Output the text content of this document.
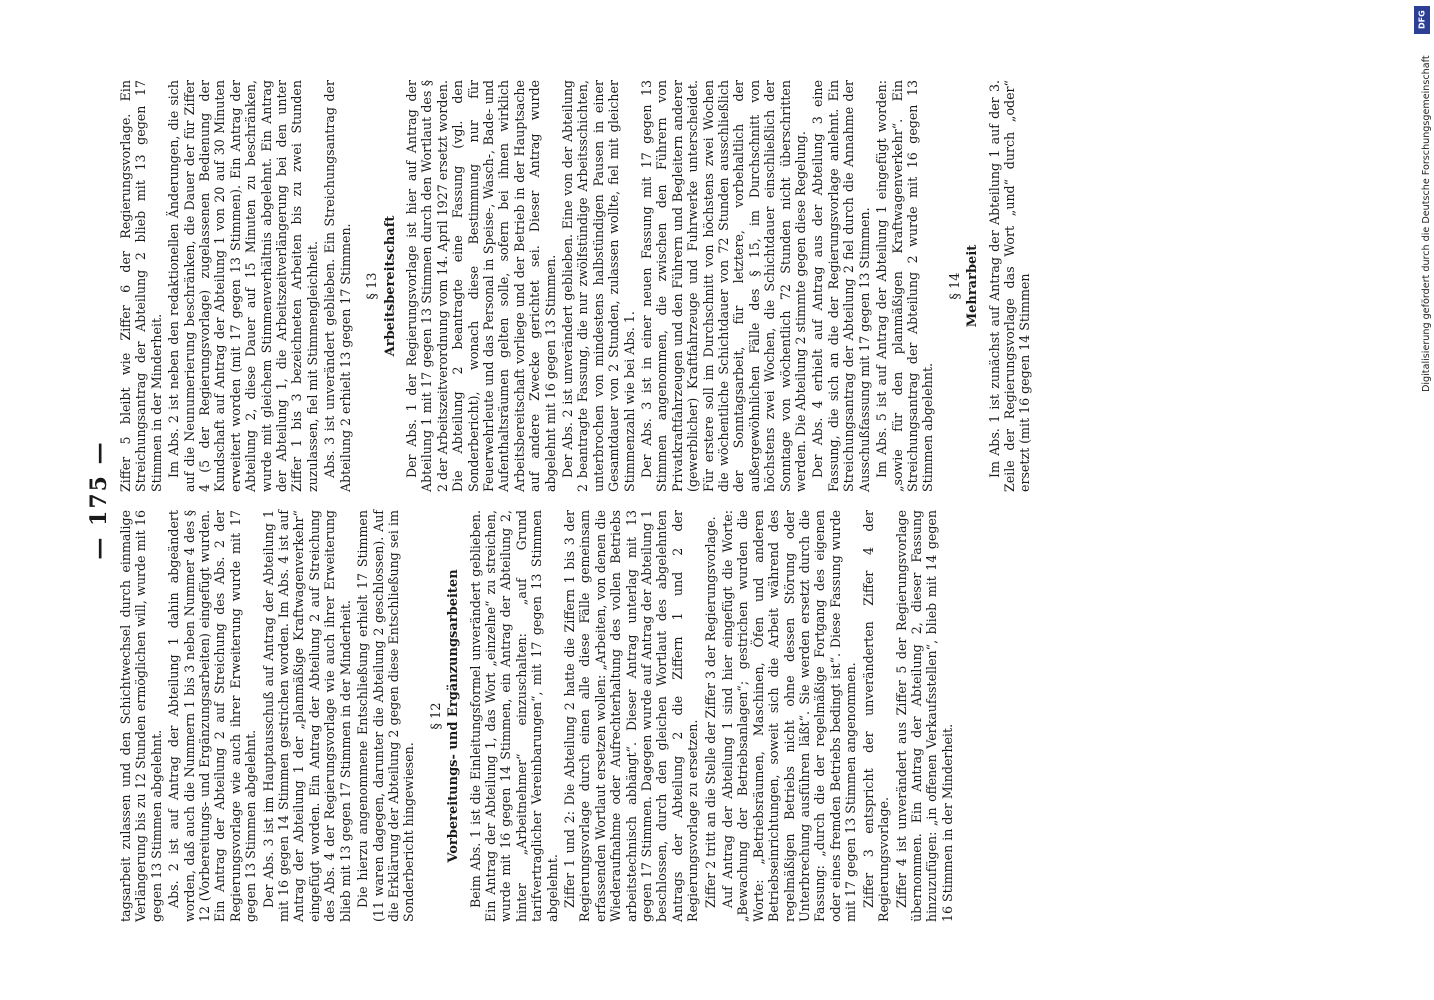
— 175 —

tagsarbeit zulassen und den Schichtwechsel durch einmalige Verlängerung bis zu 12 Stunden ermöglichen will, wurde mit 16 gegen 13 Stimmen abgelehnt. Abs. 2 ist auf Antrag der Abteilung 1 dahin abgeändert worden, daß auch die Nummern 1 bis 3 neben Nummer 4 des § 12 (Vorbereitungs- und Ergänzungsarbeiten) eingefügt wurden. Ein Antrag der Abteilung 2 auf Streichung des Abs. 2 der Regierungsvorlage wie auch ihrer Erweiterung wurde mit 17 gegen 13 Stimmen abgelehnt. Der Abs. 3 ist im Hauptausschuß auf Antrag der Abteilung 1 mit 16 gegen 14 Stimmen gestrichen worden. Im Abs. 4 ist auf Antrag der Abteilung 1 der „planmäßige Kraftwagenverkehr“ eingefügt worden. Ein Antrag der Abteilung 2 auf Streichung des Abs. 4 der Regierungsvorlage wie auch ihrer Erweiterung blieb mit 13 gegen 17 Stimmen in der Minderheit. Die hierzu angenommene Entschließung erhielt 17 Stimmen (11 waren dagegen, darunter die Abteilung 2 geschlossen). Auf die Erklärung der Abteilung 2 gegen diese Entschließung sei im Sonderbericht hingewiesen.

§ 12 Vorbereitungs- und Ergänzungsarbeiten Beim Abs. 1 ist die Einleitungsformel unverändert geblieben. Ein Antrag der Abteilung 1, das Wort „einzelne“ zu streichen, wurde mit 16 gegen 14 Stimmen, ein Antrag der Abteilung 2, hinter „Arbeitnehmer“ einzuschalten: „auf Grund tarifvertraglicher Vereinbarungen“, mit 17 gegen 13 Stimmen abgelehnt. Ziffer 1 und 2: Die Abteilung 2 hatte die Ziffern 1 bis 3 der Regierungsvorlage durch einen alle diese Fälle gemeinsam erfassenden Wortlaut ersetzen wollen: „Arbeiten, von denen die Wiederaufnahme oder Aufrechterhaltung des vollen Betriebs arbeitstechnisch abhängt“. Dieser Antrag unterlag mit 13 gegen 17 Stimmen. Dagegen wurde auf Antrag der Abteilung 1 beschlossen, durch den gleichen Wortlaut des abgelehnten Antrags der Abteilung 2 die Ziffern 1 und 2 der Regierungsvorlage zu ersetzen. Ziffer 2 tritt an die Stelle der Ziffer 3 der Regierungsvorlage. Auf Antrag der Abteilung 1 sind hier eingefügt die Worte: „Bewachung der Betriebsanlagen“; gestrichen wurden die Worte: „Betriebsräumen, Maschinen, Öfen und anderen Betriebseinrichtungen, soweit sich die Arbeit während des regelmäßigen Betriebs nicht ohne dessen Störung oder Unterbrechung ausführen läßt“. Sie werden ersetzt durch die Fassung: „durch die der regelmäßige Fortgang des eigenen oder eines fremden Betriebs bedingt ist“. Diese Fassung wurde mit 17 gegen 13 Stimmen angenommen. Ziffer 3 entspricht der unveränderten Ziffer 4 der Regierungsvorlage. Ziffer 4 ist unverändert aus Ziffer 5 der Regierungsvorlage übernommen. Ein Antrag der Abteilung 2, dieser Fassung hinzuzufügen: „in offenen Verkaufsstellen“, blieb mit 14 gegen 16 Stimmen in der Minderheit.

Ziffer 5 bleibt wie Ziffer 6 der Regierungsvorlage. Ein Streichungsantrag der Abteilung 2 blieb mit 13 gegen 17 Stimmen in der Minderheit. Im Abs. 2 ist neben den redaktionellen Änderungen, die sich auf die Neunumerierung beschränken, die Dauer der für Ziffer 4 (5 der Regierungsvorlage) zugelassenen Bedienung der Kundschaft auf Antrag der Abteilung 1 von 20 auf 30 Minuten erweitert worden (mit 17 gegen 13 Stimmen). Ein Antrag der Abteilung 2, diese Dauer auf 15 Minuten zu beschränken, wurde mit gleichem Stimmenverhältnis abgelehnt. Ein Antrag der Abteilung 1, die Arbeitszeitverlängerung bei den unter Ziffer 1 bis 3 bezeichneten Arbeiten bis zu zwei Stunden zuzulassen, fiel mit Stimmengleichheit. Abs. 3 ist unverändert geblieben. Ein Streichungsantrag der Abteilung 2 erhielt 13 gegen 17 Stimmen. § 13 Arbeitsbereitschaft Der Abs. 1 der Regierungsvorlage ist hier auf Antrag der Abteilung 1 mit 17 gegen 13 Stimmen durch den Wortlaut des § 2 der Arbeitszeitverordnung vom 14. April 1927 ersetzt worden. Die Abteilung 2 beantragte eine Fassung (vgl. den Sonderbericht), wonach diese Bestimmung nur für Feuerwehrleute und das Personal in Speise-, Wasch-, Bade- und Aufenthaltsräumen gelten solle, sofern bei ihnen wirklich Arbeitsbereitschaft vorliege und der Betrieb in der Hauptsache auf andere Zwecke gerichtet sei. Dieser Antrag wurde abgelehnt mit 16 gegen 13 Stimmen. Der Abs. 2 ist unverändert geblieben. Eine von der Abteilung 2 beantragte Fassung, die nur zwölfstündige Arbeitsschichten, unterbrochen von mindestens halbstündigen Pausen in einer Gesamtdauer von 2 Stunden, zulassen wollte, fiel mit gleicher Stimmenzahl wie bei Abs. 1. Der Abs. 3 ist in einer neuen Fassung mit 17 gegen 13 Stimmen angenommen, die zwischen den Führern von Privatkraftfahrzeugen und den Führern und Begleitern anderer (gewerblicher) Kraftfahrzeuge und Fuhrwerke unterscheidet. Für erstere soll im Durchschnitt von höchstens zwei Wochen die wöchentliche Schichtdauer von 72 Stunden ausschließlich der Sonntagsarbeit, für letztere, vorbehaltlich der außergewöhnlichen Fälle des § 15, im Durchschnitt von höchstens zwei Wochen, die Schichtdauer einschließlich der Sonntage von wöchentlich 72 Stunden nicht überschritten werden. Die Abteilung 2 stimmte gegen diese Regelung. Der Abs. 4 erhielt auf Antrag aus der Abteilung 3 eine Fassung, die sich an die der Regierungsvorlage anlehnt. Ein Streichungsantrag der Abteilung 2 fiel durch die Annahme der Ausschußfassung mit 17 gegen 13 Stimmen. Im Abs. 5 ist auf Antrag der Abteilung 1 eingefügt worden: „sowie für den planmäßigen Kraftwagenverkehr“. Ein Streichungsantrag der Abteilung 2 wurde mit 16 gegen 13 Stimmen abgelehnt.

§ 14 Mehrarbeit Im Abs. 1 ist zunächst auf Antrag der Abteilung 1 auf der 3. Zeile der Regierungsvorlage das Wort „und“ durch „oder“ ersetzt (mit 16 gegen 14 Stimmen

DFG
Digitalisierung gefördert durch die Deutsche Forschungsgemeinschaft
